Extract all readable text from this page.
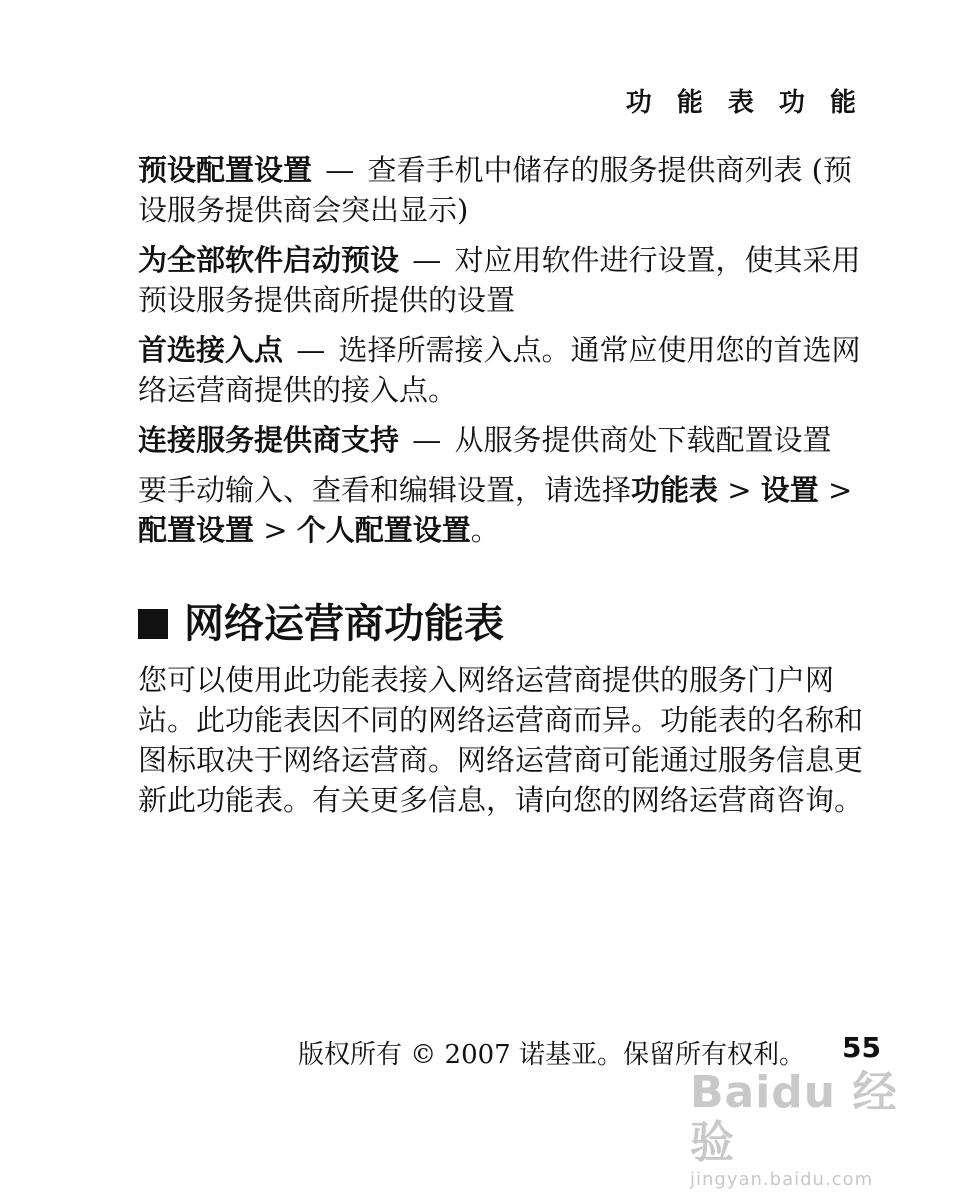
功 能 表 功 能

预设配置设置 — 查看手机中储存的服务提供商列表 (预设服务提供商会突出显示)

为全部软件启动预设 — 对应用软件进行设置，使其采用预设服务提供商所提供的设置

首选接入点 — 选择所需接入点。通常应使用您的首选网络运营商提供的接入点。

连接服务提供商支持 — 从服务提供商处下载配置设置

要手动输入、查看和编辑设置，请选择功能表 > 设置 > 配置设置 > 个人配置设置。

网络运营商功能表

您可以使用此功能表接入网络运营商提供的服务门户网站。此功能表因不同的网络运营商而异。功能表的名称和图标取决于网络运营商。网络运营商可能通过服务信息更新此功能表。有关更多信息，请向您的网络运营商咨询。

版权所有 © 2007 诺基亚。保留所有权利。 55
Baidu 经验
jingyan.baidu.com
